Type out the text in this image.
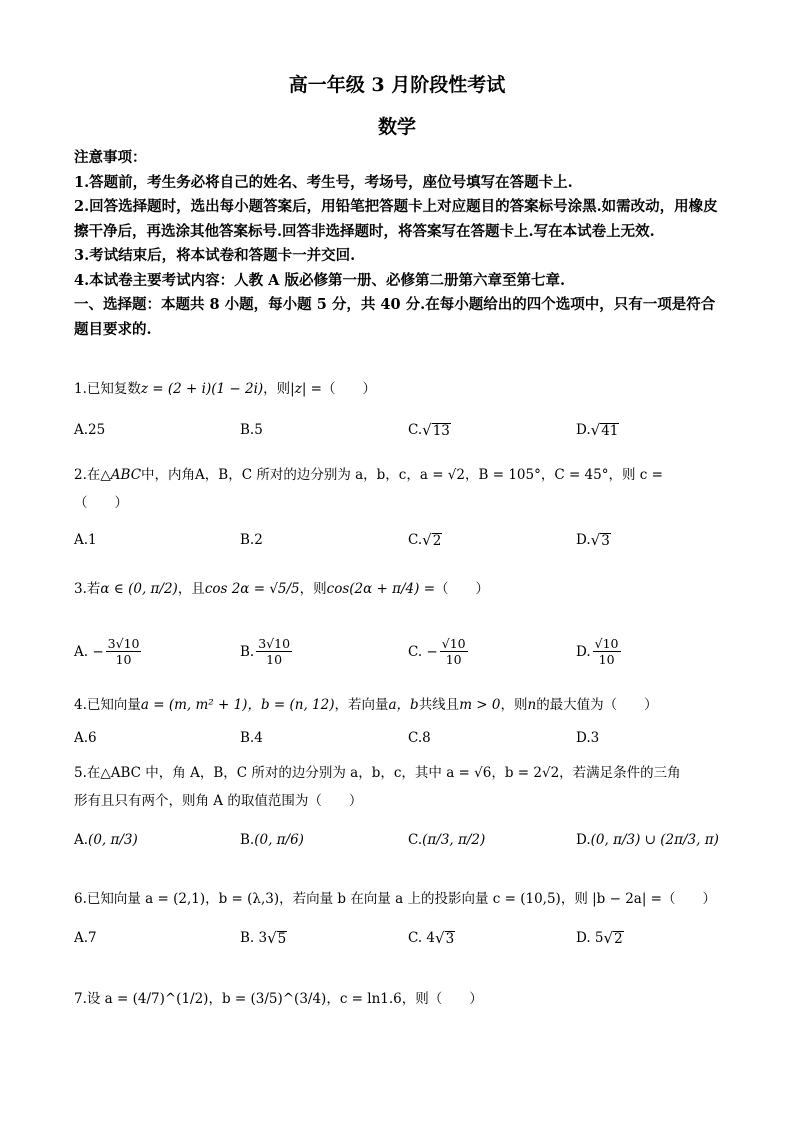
高一年级 3 月阶段性考试
数学

注意事项：

1.答题前，考生务必将自己的姓名、考生号，考场号，座位号填写在答题卡上.

2.回答选择题时，选出每小题答案后，用铅笔把答题卡上对应题目的答案标号涂黑.如需改动，用橡皮擦干净后，再选涂其他答案标号.回答非选择题时，将答案写在答题卡上.写在本试卷上无效.

3.考试结束后，将本试卷和答题卡一并交回.

4.本试卷主要考试内容：人教 A 版必修第一册、必修第二册第六章至第七章.

一、选择题：本题共 8 小题，每小题 5 分，共 40 分.在每小题给出的四个选项中，只有一项是符合题目要求的.

1.已知复数 z = (2 + i)(1 − 2i) ，则 |z| = （　　）
A.25	B.5	C. √ 13	D. √ 41
2.在 △ABC 中，内角 A，B，C 所对的边分别为 a，b，c，a = √2，B = 105°，C = 45°，则 c =
（　　）
A.1	B.2	C. √ 2	D. √ 3
3.若 α ∈ (0, π/2) ，且 cos 2α = √5/5 ，则 cos(2α + π/4) = （　　）
A. − $\frac{3√10}{10}$	B. $\frac{3√10}{10}$	C. − $\frac{√10}{10}$	D. $\frac{√10}{10}$
4.已知向量 a = (m, m² + 1)，b = (n, 12) ，若向量 a，b 共线且 m > 0 ，则 n 的最大值为（　　）
A.6	B.4	C.8	D.3
5.在△ABC 中，角 A，B，C 所对的边分别为 a，b，c，其中 a = √6，b = 2√2，若满足条件的三角
形有且只有两个，则角 A 的取值范围为（　　）
A. (0, π/3)	B. (0, π/6)	C. (π/3, π/2)	D. (0, π/3) ∪ (2π/3, π)
6.已知向量 a = (2,1)，b = (λ,3)，若向量 b 在向量 a 上的投影向量 c = (10,5)，则 |b − 2a| =（　　）
A.7	B. 3 √ 5	C. 4 √ 3	D. 5 √ 2
7.设 a = (4/7)^(1/2)，b = (3/5)^(3/4)，c = ln1.6，则（　　）
